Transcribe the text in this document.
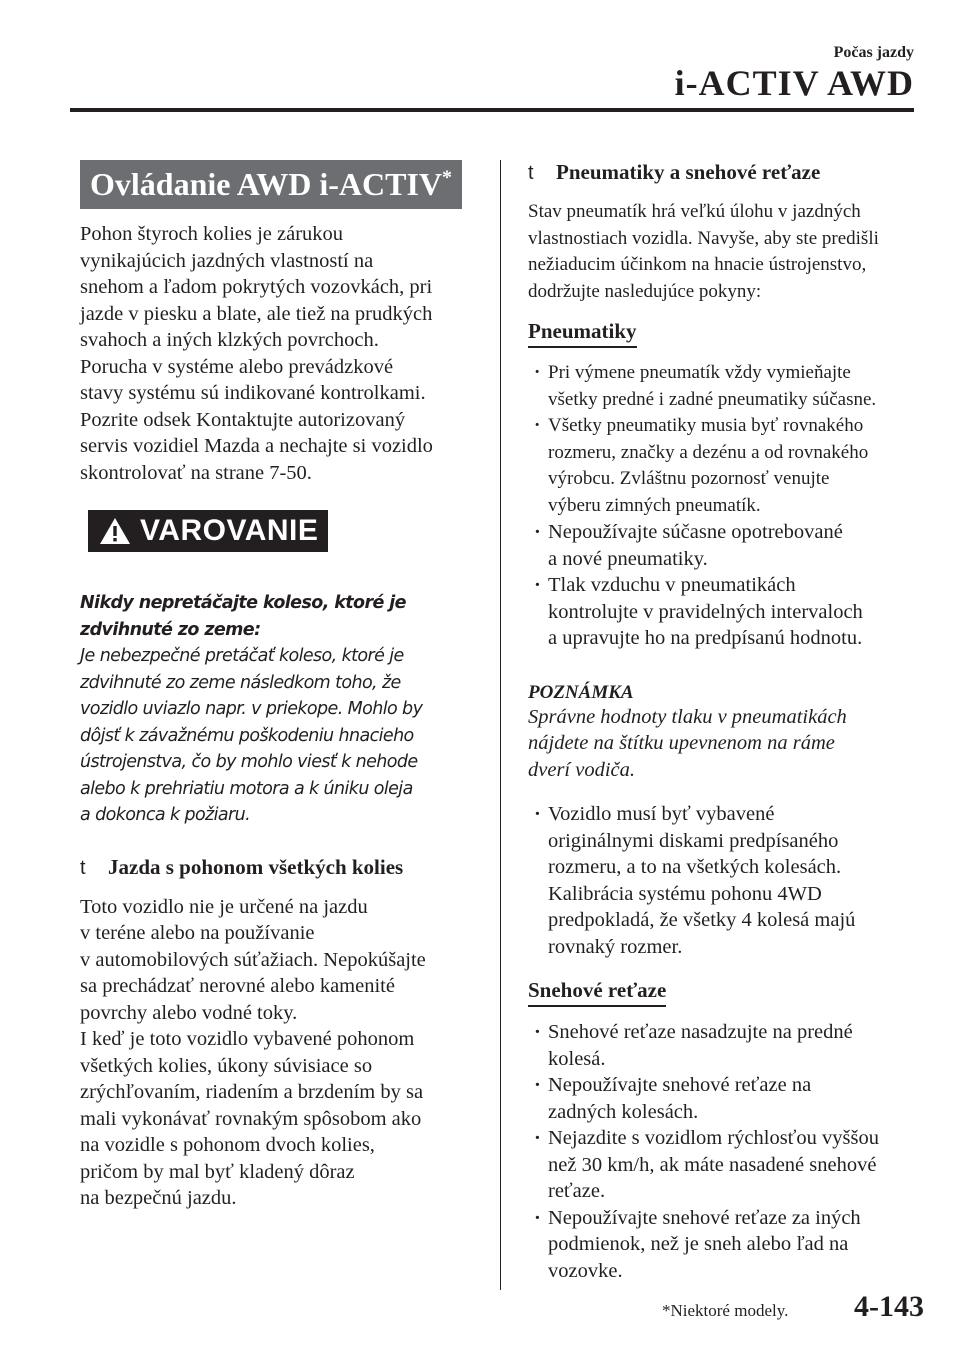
Počas jazdy
i-ACTIV AWD
Ovládanie AWD i-ACTIV*
Pohon štyroch kolies je zárukou
vynikajúcich jazdných vlastností na
snehom a ľadom pokrytých vozovkách, pri
jazde v piesku a blate, ale tiež na prudkých
svahoch a iných klzkých povrchoch.
Porucha v systéme alebo prevádzkové
stavy systému sú indikované kontrolkami.
Pozrite odsek Kontaktujte autorizovaný
servis vozidiel Mazda a nechajte si vozidlo
skontrolovať na strane 7-50.
VAROVANIE
Nikdy nepretáčajte koleso, ktoré je
zdvihnuté zo zeme:
Je nebezpečné pretáčať koleso, ktoré je
zdvihnuté zo zeme následkom toho, že
vozidlo uviazlo napr. v priekope. Mohlo by
dôjsť k závažnému poškodeniu hnacieho
ústrojenstva, čo by mohlo viesť k nehode
alebo k prehriatiu motora a k úniku oleja
a dokonca k požiaru.
t	Jazda s pohonom všetkých kolies
Toto vozidlo nie je určené na jazdu
v teréne alebo na používanie
v automobilových súťažiach. Nepokúšajte
sa prechádzať nerovné alebo kamenité
povrchy alebo vodné toky.
I keď je toto vozidlo vybavené pohonom
všetkých kolies, úkony súvisiace so
zrýchľovaním, riadením a brzdením by sa
mali vykonávať rovnakým spôsobom ako
na vozidle s pohonom dvoch kolies,
pričom by mal byť kladený dôraz
na bezpečnú jazdu.
t	Pneumatiky a snehové reťaze
Stav pneumatík hrá veľkú úlohu v jazdných
vlastnostiach vozidla. Navyše, aby ste predišli
nežiaducim účinkom na hnacie ústrojenstvo,
dodržujte nasledujúce pokyny:
Pneumatiky
· Pri výmene pneumatík vždy vymieňajte
všetky predné i zadné pneumatiky súčasne.
· Všetky pneumatiky musia byť rovnakého
rozmeru, značky a dezénu a od rovnakého
výrobcu. Zvláštnu pozornosť venujte
výberu zimných pneumatík.
· Nepoužívajte súčasne opotrebované
a nové pneumatiky.
· Tlak vzduchu v pneumatikách
kontrolujte v pravidelných intervaloch
a upravujte ho na predpísanú hodnotu.
POZNÁMKA
Správne hodnoty tlaku v pneumatikách
nájdete na štítku upevnenom na ráme
dverí vodiča.
· Vozidlo musí byť vybavené
originálnymi diskami predpísaného
rozmeru, a to na všetkých kolesách.
Kalibrácia systému pohonu 4WD
predpokladá, že všetky 4 kolesá majú
rovnaký rozmer.
Snehové reťaze
· Snehové reťaze nasadzujte na predné
kolesá.
· Nepoužívajte snehové reťaze na
zadných kolesách.
· Nejazdite s vozidlom rýchlosťou vyššou
než 30 km/h, ak máte nasadené snehové
reťaze.
· Nepoužívajte snehové reťaze za iných
podmienok, než je sneh alebo ľad na
vozovke.
*Niektoré modely. 4-143
